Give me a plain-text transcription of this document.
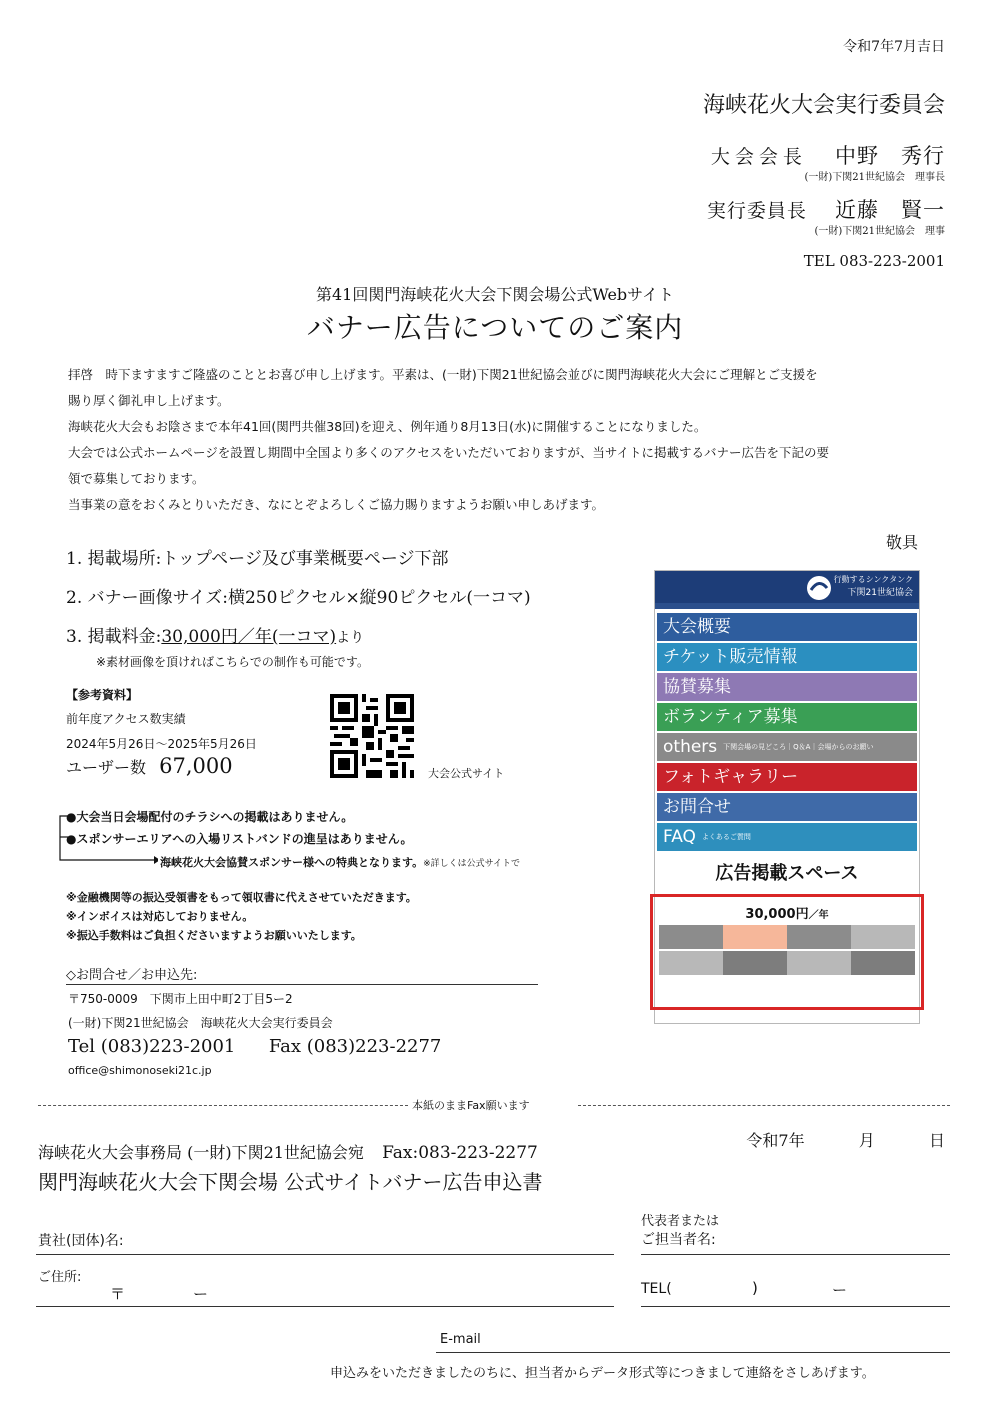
令和7年7月吉日
海峡花火大会実行委員会
大会会長 中野　秀行
(一財)下関21世紀協会　理事長
実行委員長 近藤　賢一
(一財)下関21世紀協会　理事
TEL 083-223-2001
第41回関門海峡花火大会下関会場公式Webサイト
バナー広告についてのご案内
拝啓　時下ますますご隆盛のこととお喜び申し上げます。平素は、(一財)下関21世紀協会並びに関門海峡花火大会にご理解とご支援を
賜り厚く御礼申し上げます。
海峡花火大会もお陰さまで本年41回(関門共催38回)を迎え、例年通り8月13日(水)に開催することになりました。
大会では公式ホームページを設置し期間中全国より多くのアクセスをいただいておりますが、当サイトに掲載するバナー広告を下記の要
領で募集しております。
当事業の意をおくみとりいただき、なにとぞよろしくご協力賜りますようお願い申しあげます。
敬具
1. 掲載場所:トップページ及び事業概要ページ下部
2. バナー画像サイズ:横250ピクセル×縦90ピクセル(一コマ)
3. 掲載料金:30,000円／年(一コマ)より
※素材画像を頂ければこちらでの制作も可能です。
【参考資料】
前年度アクセス数実績
2024年5月26日～2025年5月26日
ユーザー数 67,000	大会公式サイト
●大会当日会場配付のチラシへの掲載はありません。
●スポンサーエリアへの入場リストバンドの進呈はありません。
海峡花火大会協賛スポンサー様への特典となります。※詳しくは公式サイトで
※金融機関等の振込受領書をもって領収書に代えさせていただきます。
※インボイスは対応しておりません。
※振込手数料はご負担くださいますようお願いいたします。
◇お問合せ／お申込先:
〒750-0009　下関市上田中町2丁目5ー2
(一財)下関21世紀協会　海峡花火大会実行委員会
Tel (083)223-2001 Fax (083)223-2277
office@shimonoseki21c.jp
行動するシンクタンク
下関21世紀協会
大会概要
チケット販売情報
協賛募集
ボランティア募集
others 下関会場の見どころ｜Q＆A｜会場からのお願い
フォトギャラリー
お問合せ
FAQ よくあるご質問
広告掲載スペース
30,000円／年
本紙のままFax願います
海峡花火大会事務局 (一財)下関21世紀協会宛 Fax:083-223-2277
令和7年	月	日
関門海峡花火大会下関会場 公式サイトバナー広告申込書
貴社(団体)名:
代表者または
ご担当者名:
ご住所:
〒	ー	TEL(	)	ー
E-mail
申込みをいただきましたのちに、担当者からデータ形式等につきまして連絡をさしあげます。
